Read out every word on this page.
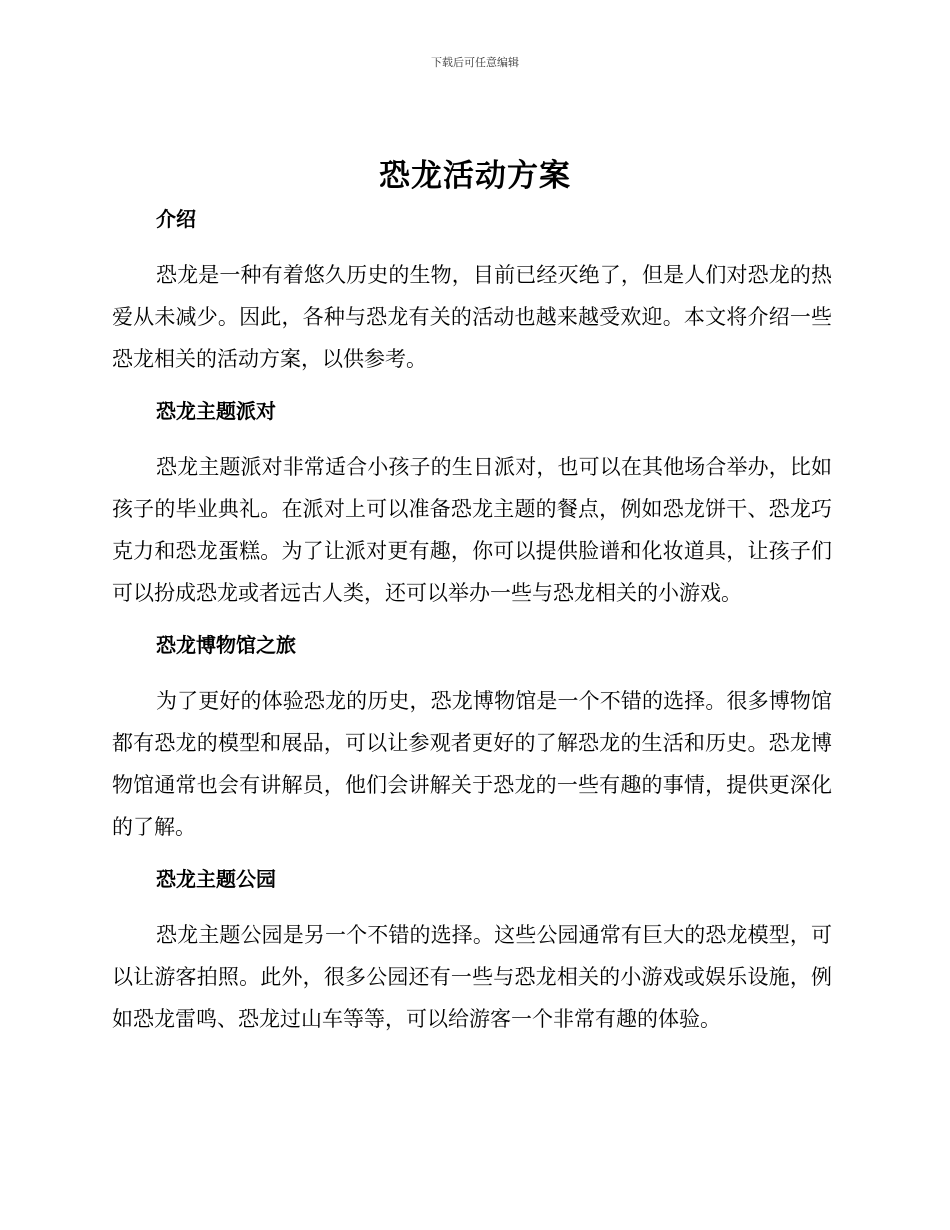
下载后可任意编辑
恐龙活动方案
介绍

恐龙是一种有着悠久历史的生物，目前已经灭绝了，但是人们对恐龙的热爱从未减少。因此，各种与恐龙有关的活动也越来越受欢迎。本文将介绍一些恐龙相关的活动方案，以供参考。

恐龙主题派对

恐龙主题派对非常适合小孩子的生日派对，也可以在其他场合举办，比如孩子的毕业典礼。在派对上可以准备恐龙主题的餐点，例如恐龙饼干、恐龙巧克力和恐龙蛋糕。为了让派对更有趣，你可以提供脸谱和化妆道具，让孩子们可以扮成恐龙或者远古人类，还可以举办一些与恐龙相关的小游戏。

恐龙博物馆之旅

为了更好的体验恐龙的历史，恐龙博物馆是一个不错的选择。很多博物馆都有恐龙的模型和展品，可以让参观者更好的了解恐龙的生活和历史。恐龙博物馆通常也会有讲解员，他们会讲解关于恐龙的一些有趣的事情，提供更深化的了解。

恐龙主题公园

恐龙主题公园是另一个不错的选择。这些公园通常有巨大的恐龙模型，可以让游客拍照。此外，很多公园还有一些与恐龙相关的小游戏或娱乐设施，例如恐龙雷鸣、恐龙过山车等等，可以给游客一个非常有趣的体验。
